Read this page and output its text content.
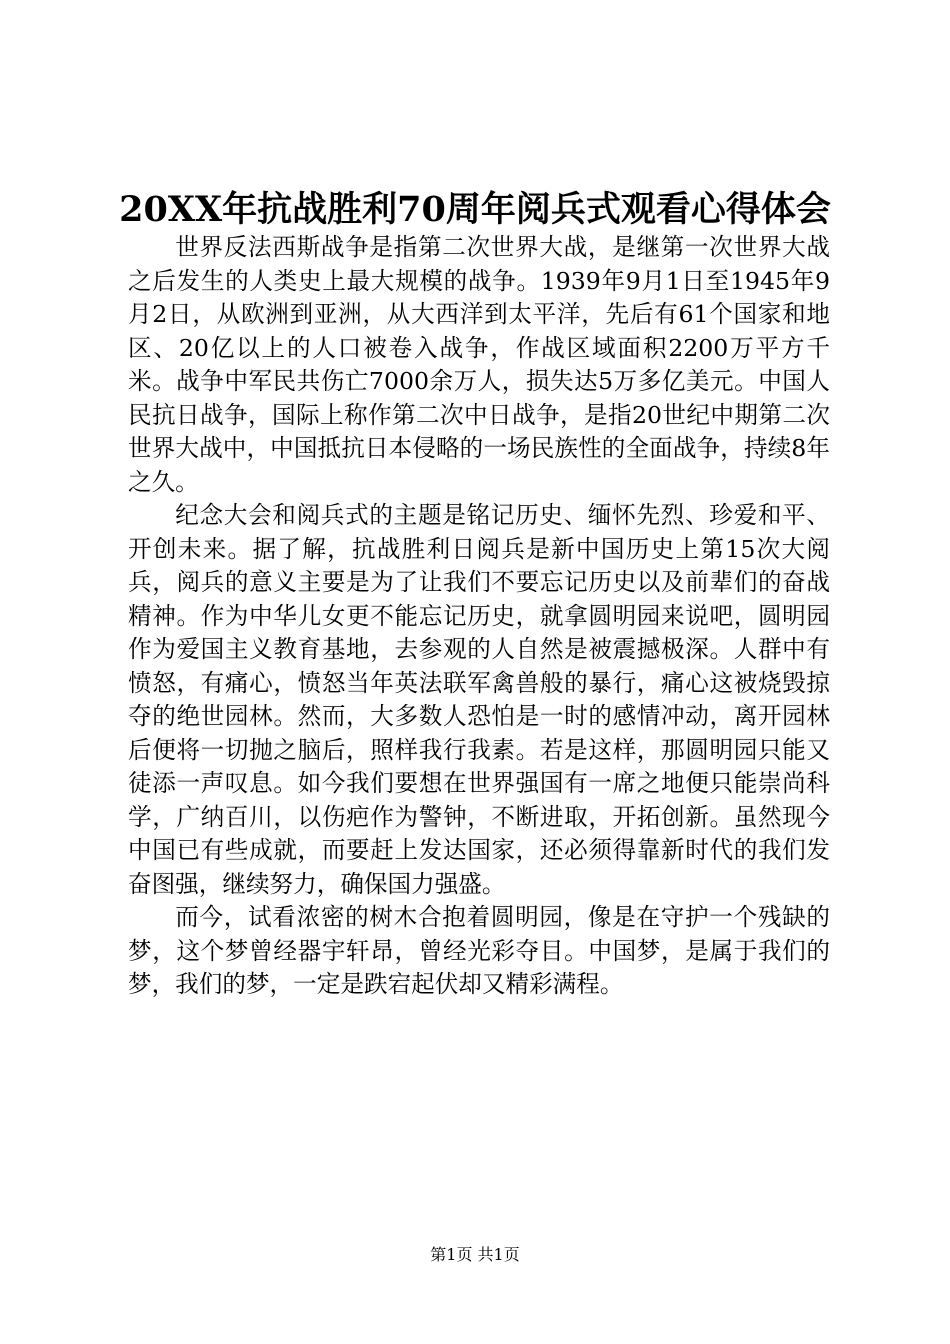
20XX年抗战胜利70周年阅兵式观看心得体会

世界反法西斯战争是指第二次世界大战，是继第一次世界大战之后发生的人类史上最大规模的战争。1939年9月1日至1945年9月2日，从欧洲到亚洲，从大西洋到太平洋，先后有61个国家和地区、20亿以上的人口被卷入战争，作战区域面积2200万平方千米。战争中军民共伤亡7000余万人，损失达5万多亿美元。中国人民抗日战争，国际上称作第二次中日战争，是指20世纪中期第二次世界大战中，中国抵抗日本侵略的一场民族性的全面战争，持续8年之久。

纪念大会和阅兵式的主题是铭记历史、缅怀先烈、珍爱和平、开创未来。据了解，抗战胜利日阅兵是新中国历史上第15次大阅兵，阅兵的意义主要是为了让我们不要忘记历史以及前辈们的奋战精神。作为中华儿女更不能忘记历史，就拿圆明园来说吧，圆明园作为爱国主义教育基地，去参观的人自然是被震撼极深。人群中有愤怒，有痛心，愤怒当年英法联军禽兽般的暴行，痛心这被烧毁掠夺的绝世园林。然而，大多数人恐怕是一时的感情冲动，离开园林后便将一切抛之脑后，照样我行我素。若是这样，那圆明园只能又徒添一声叹息。如今我们要想在世界强国有一席之地便只能崇尚科学，广纳百川，以伤疤作为警钟，不断进取，开拓创新。虽然现今中国已有些成就，而要赶上发达国家，还必须得靠新时代的我们发奋图强，继续努力，确保国力强盛。

而今，试看浓密的树木合抱着圆明园，像是在守护一个残缺的梦，这个梦曾经器宇轩昂，曾经光彩夺目。中国梦，是属于我们的梦，我们的梦，一定是跌宕起伏却又精彩满程。

第1页 共1页
